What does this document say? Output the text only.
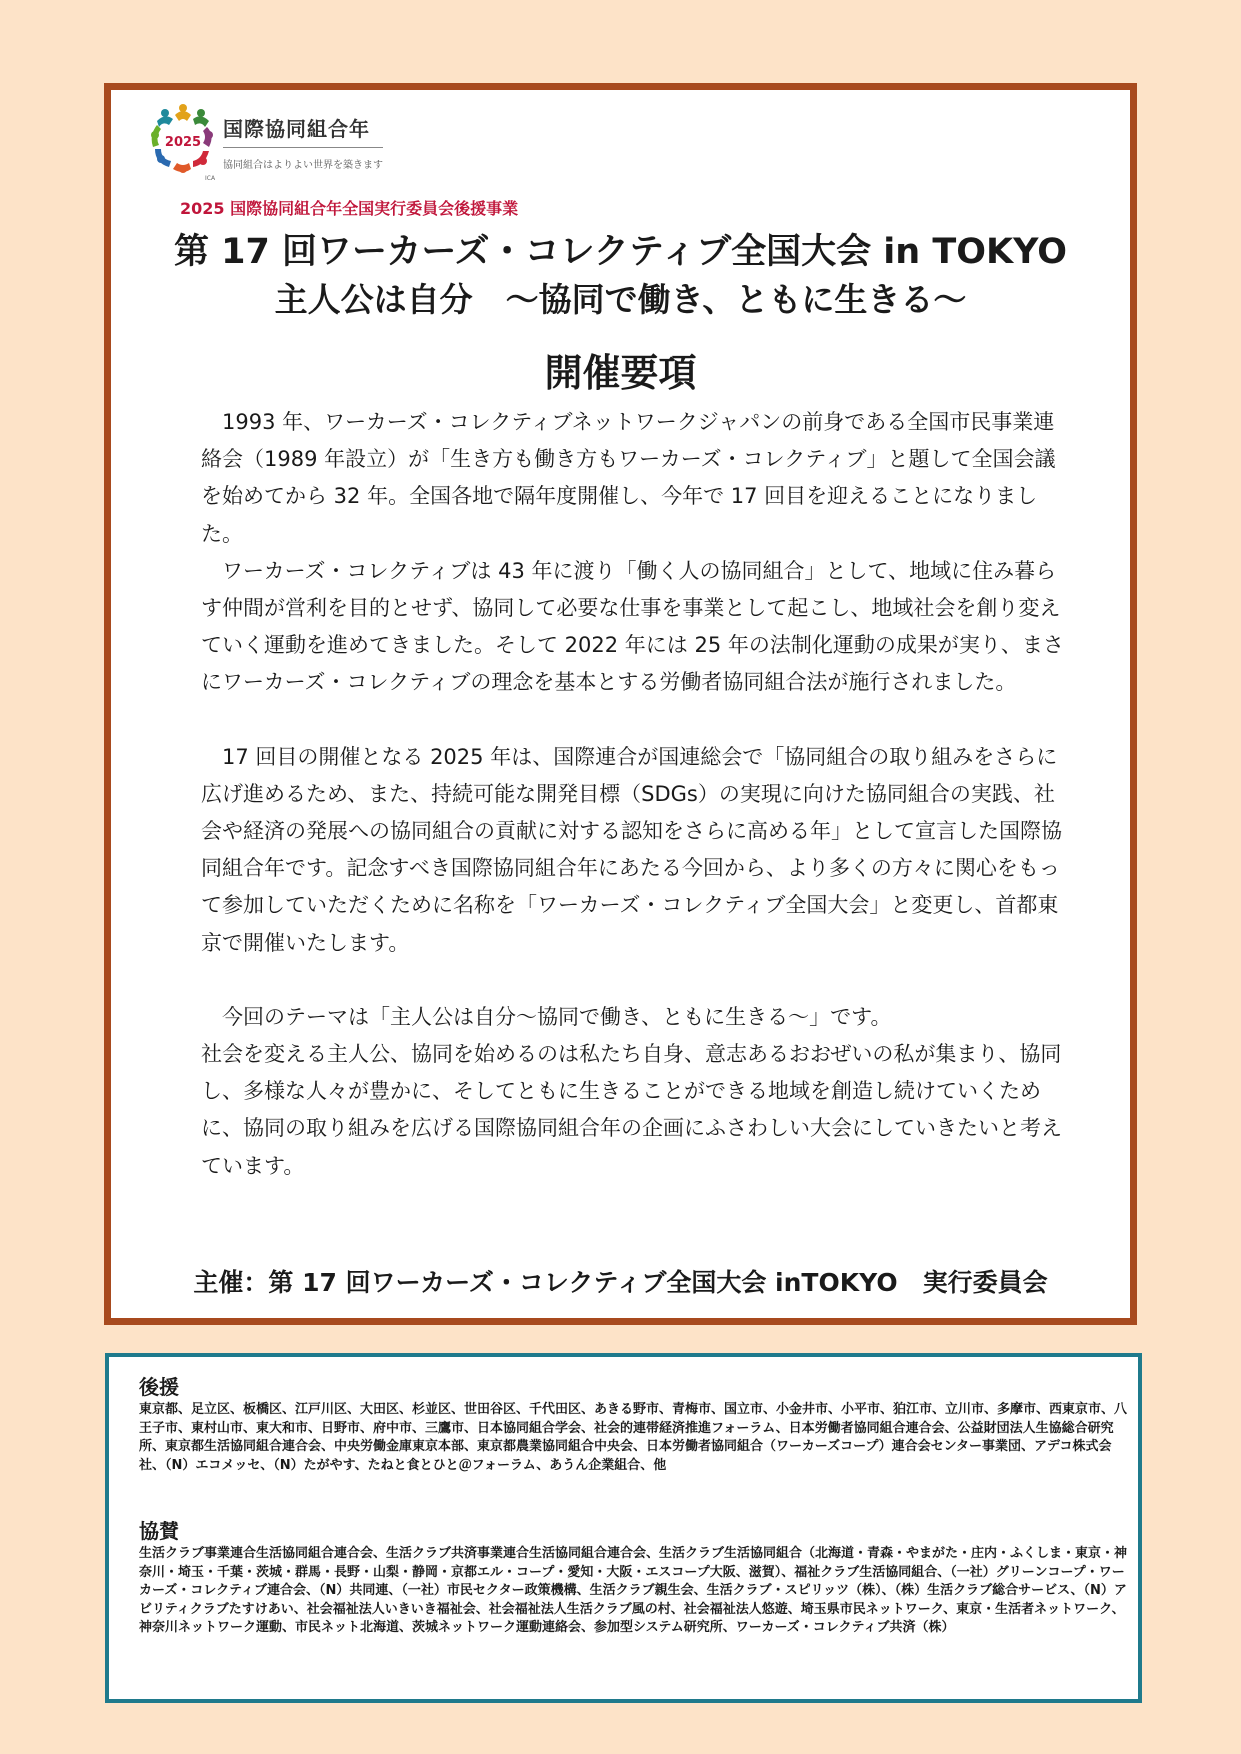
2025
国際協同組合年
協同組合はよりよい世界を築きます
ICA
2025 国際協同組合年全国実行委員会後援事業
第 17 回ワーカーズ・コレクティブ全国大会 in TOKYO
主人公は自分　～協同で働き、ともに生きる～
開催要項

1993 年、ワーカーズ・コレクティブネットワークジャパンの前身である全国市民事業連絡会（1989 年設立）が「生き方も働き方もワーカーズ・コレクティブ」と題して全国会議を始めてから 32 年。全国各地で隔年度開催し、今年で 17 回目を迎えることになりました。

ワーカーズ・コレクティブは 43 年に渡り「働く人の協同組合」として、地域に住み暮らす仲間が営利を目的とせず、協同して必要な仕事を事業として起こし、地域社会を創り変えていく運動を進めてきました。そして 2022 年には 25 年の法制化運動の成果が実り、まさにワーカーズ・コレクティブの理念を基本とする労働者協同組合法が施行されました。

17 回目の開催となる 2025 年は、国際連合が国連総会で「協同組合の取り組みをさらに広げ進めるため、また、持続可能な開発目標（SDGs）の実現に向けた協同組合の実践、社会や経済の発展への協同組合の貢献に対する認知をさらに高める年」として宣言した国際協同組合年です。記念すべき国際協同組合年にあたる今回から、より多くの方々に関心をもって参加していただくために名称を「ワーカーズ・コレクティブ全国大会」と変更し、首都東京で開催いたします。

今回のテーマは「主人公は自分～協同で働き、ともに生きる～」です。

社会を変える主人公、協同を始めるのは私たち自身、意志あるおおぜいの私が集まり、協同し、多様な人々が豊かに、そしてともに生きることができる地域を創造し続けていくために、協同の取り組みを広げる国際協同組合年の企画にふさわしい大会にしていきたいと考えています。

主催：第 17 回ワーカーズ・コレクティブ全国大会 inTOKYO　実行委員会
後援
東京都、足立区、板橋区、江戸川区、大田区、杉並区、世田谷区、千代田区、あきる野市、青梅市、国立市、小金井市、小平市、狛江市、立川市、多摩市、西東京市、八王子市、東村山市、東大和市、日野市、府中市、三鷹市、日本協同組合学会、社会的連帯経済推進フォーラム、日本労働者協同組合連合会、公益財団法人生協総合研究所、東京都生活協同組合連合会、中央労働金庫東京本部、東京都農業協同組合中央会、日本労働者協同組合（ワーカーズコープ）連合会センター事業団、アデコ株式会社、（N）エコメッセ、（N）たがやす、たねと食とひと＠フォーラム、あうん企業組合、他
協賛
生活クラブ事業連合生活協同組合連合会、生活クラブ共済事業連合生活協同組合連合会、生活クラブ生活協同組合（北海道・青森・やまがた・庄内・ふくしま・東京・神奈川・埼玉・千葉・茨城・群馬・長野・山梨・静岡・京都エル・コープ・愛知・大阪・エスコープ大阪、滋賀）、福祉クラブ生活協同組合、（一社）グリーンコープ・ワーカーズ・コレクティブ連合会、（N）共同連、（一社）市民セクター政策機構、生活クラブ親生会、生活クラブ・スピリッツ（株）、（株）生活クラブ総合サービス、（N）アビリティクラブたすけあい、社会福祉法人いきいき福祉会、社会福祉法人生活クラブ風の村、社会福祉法人悠遊、埼玉県市民ネットワーク、東京・生活者ネットワーク、神奈川ネットワーク運動、市民ネット北海道、茨城ネットワーク運動連絡会、参加型システム研究所、ワーカーズ・コレクティブ共済（株）
